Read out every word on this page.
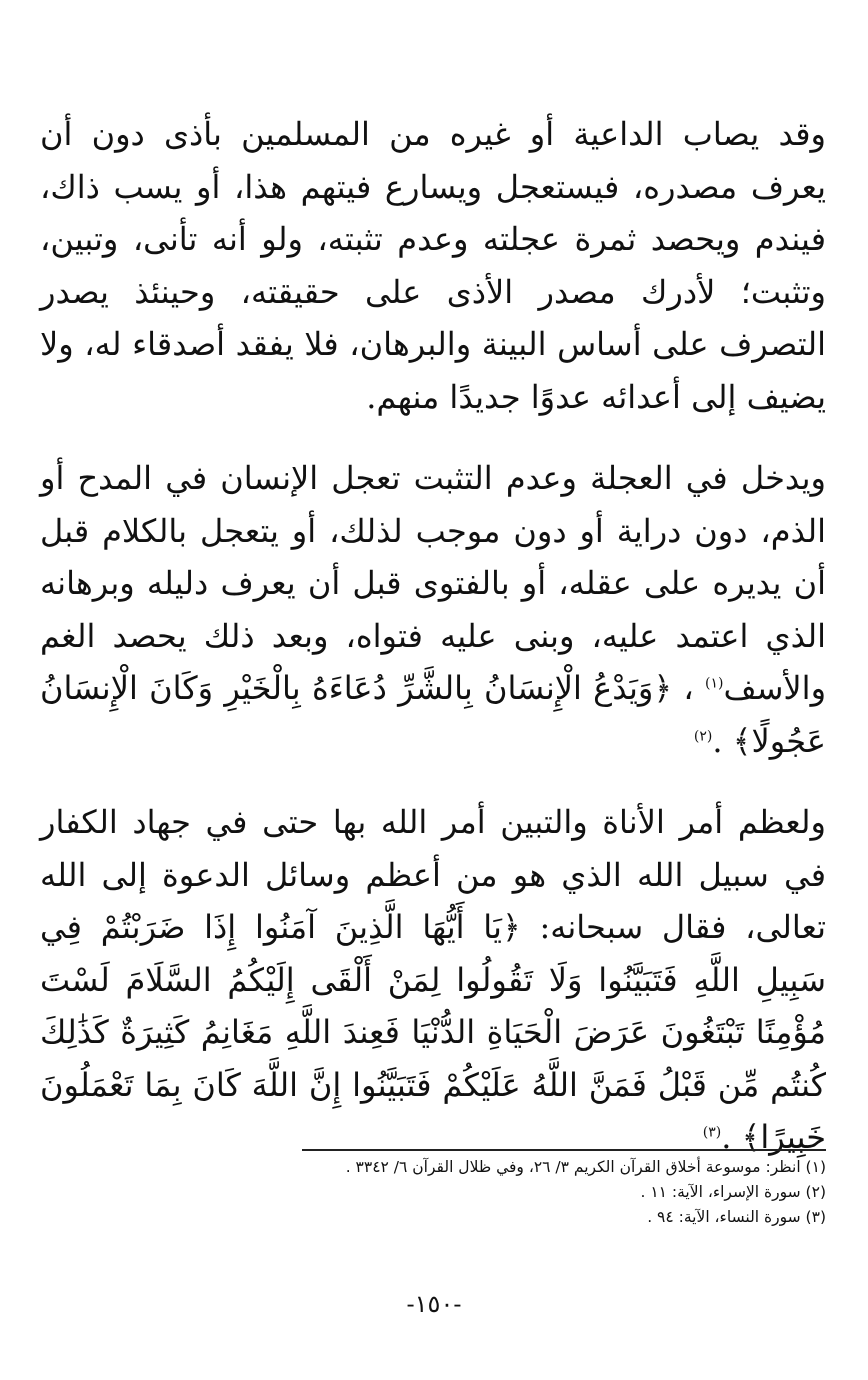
وقد يصاب الداعية أو غيره من المسلمين بأذى دون أن يعرف مصدره، فيستعجل ويسارع فيتهم هذا، أو يسب ذاك، فيندم ويحصد ثمرة عجلته وعدم تثبته، ولو أنه تأنى، وتبين، وتثبت؛ لأدرك مصدر الأذى على حقيقته، وحينئذ يصدر التصرف على أساس البينة والبرهان، فلا يفقد أصدقاء له، ولا يضيف إلى أعدائه عدوًا جديدًا منهم.

ويدخل في العجلة وعدم التثبت تعجل الإنسان في المدح أو الذم، دون دراية أو دون موجب لذلك، أو يتعجل بالكلام قبل أن يديره على عقله، أو بالفتوى قبل أن يعرف دليله وبرهانه الذي اعتمد عليه، وبنى عليه فتواه، وبعد ذلك يحصد الغم والأسف$^{(١)}$ ، ﴿وَيَدْعُ الْإِنسَانُ بِالشَّرِّ دُعَاءَهُ بِالْخَيْرِ وَكَانَ الْإِنسَانُ عَجُولًا﴾ .$^{(٢)}$

ولعظم أمر الأناة والتبين أمر الله بها حتى في جهاد الكفار في سبيل الله الذي هو من أعظم وسائل الدعوة إلى الله تعالى، فقال سبحانه: ﴿يَا أَيُّهَا الَّذِينَ آمَنُوا إِذَا ضَرَبْتُمْ فِي سَبِيلِ اللَّهِ فَتَبَيَّنُوا وَلَا تَقُولُوا لِمَنْ أَلْقَى إِلَيْكُمُ السَّلَامَ لَسْتَ مُؤْمِنًا تَبْتَغُونَ عَرَضَ الْحَيَاةِ الدُّنْيَا فَعِندَ اللَّهِ مَغَانِمُ كَثِيرَةٌ كَذَٰلِكَ كُنتُم مِّن قَبْلُ فَمَنَّ اللَّهُ عَلَيْكُمْ فَتَبَيَّنُوا إِنَّ اللَّهَ كَانَ بِمَا تَعْمَلُونَ خَبِيرًا﴾ .$^{(٣)}$

(١) انظر: موسوعة أخلاق القرآن الكريم ٣/ ٢٦، وفي ظلال القرآن ٦/ ٣٣٤٢ .

(٢) سورة الإسراء، الآية: ١١ .

(٣) سورة النساء، الآية: ٩٤ .

-١٥٠-
